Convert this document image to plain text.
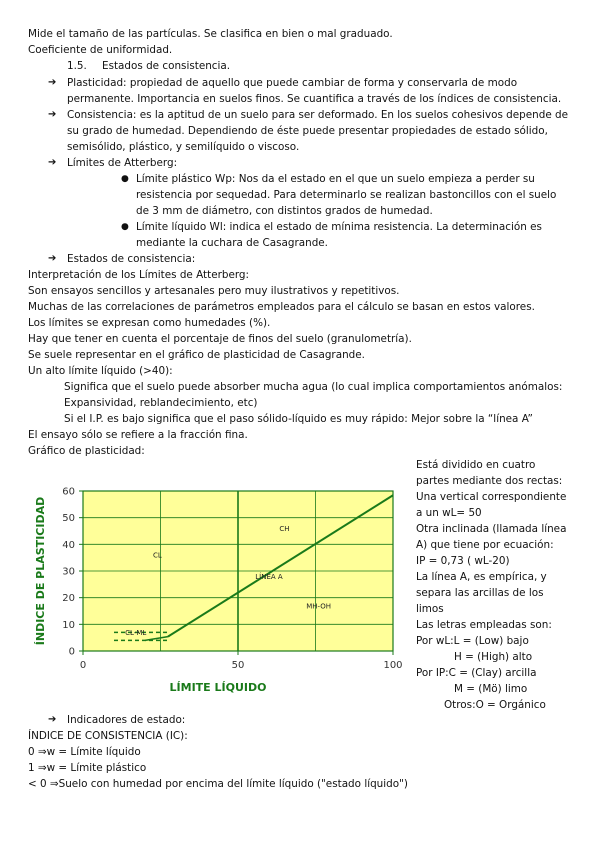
Mide el tamaño de las partículas. Se clasifica en bien o mal graduado.
Coeficiente de uniformidad.
1.5. Estados de consistencia.
➔ Plasticidad: propiedad de aquello que puede cambiar de forma y conservarla de modo
permanente. Importancia en suelos finos. Se cuantifica a través de los índices de consistencia.
➔ Consistencia: es la aptitud de un suelo para ser deformado. En los suelos cohesivos depende de
su grado de humedad. Dependiendo de éste puede presentar propiedades de estado sólido,
semisólido, plástico, y semilíquido o viscoso.
➔ Límites de Atterberg:
● Límite plástico Wp: Nos da el estado en el que un suelo empieza a perder su
resistencia por sequedad. Para determinarlo se realizan bastoncillos con el suelo
de 3 mm de diámetro, con distintos grados de humedad.
● Límite líquido Wl: indica el estado de mínima resistencia. La determinación es
mediante la cuchara de Casagrande.
➔ Estados de consistencia:
Interpretación de los Límites de Atterberg:
Son ensayos sencillos y artesanales pero muy ilustrativos y repetitivos.
Muchas de las correlaciones de parámetros empleados para el cálculo se basan en estos valores.
Los límites se expresan como humedades (%).
Hay que tener en cuenta el porcentaje de finos del suelo (granulometría).
Se suele representar en el gráfico de plasticidad de Casagrande.
Un alto límite líquido (>40):
Significa que el suelo puede absorber mucha agua (lo cual implica comportamientos anómalos:
Expansividad, reblandecimiento, etc)
Si el I.P. es bajo significa que el paso sólido-líquido es muy rápido: Mejor sobre la “línea A”
El ensayo sólo se refiere a la fracción fina.
Gráfico de plasticidad:
0
10
20
30
40
50
60
0	50	100
CL
CH
LÍNEA A
MH-OH
CL-ML
LÍMITE LÍQUIDO
ÍNDICE DE PLASTICIDAD
Está dividido en cuatro
partes mediante dos rectas:
Una vertical correspondiente
a un wL= 50
Otra inclinada (llamada línea
A) que tiene por ecuación:
IP = 0,73 ( wL-20)
La línea A, es empírica, y
separa las arcillas de los
limos
Las letras empleadas son:
Por wL:L = (Low) bajo
H = (High) alto
Por IP:C = (Clay) arcilla
M = (Mö) limo
Otros:O = Orgánico
➔ Indicadores de estado:
ÍNDICE DE CONSISTENCIA (IC):
0 ⇒w = Límite líquido
1 ⇒w = Límite plástico
< 0 ⇒Suelo con humedad por encima del límite líquido ("estado líquido")
